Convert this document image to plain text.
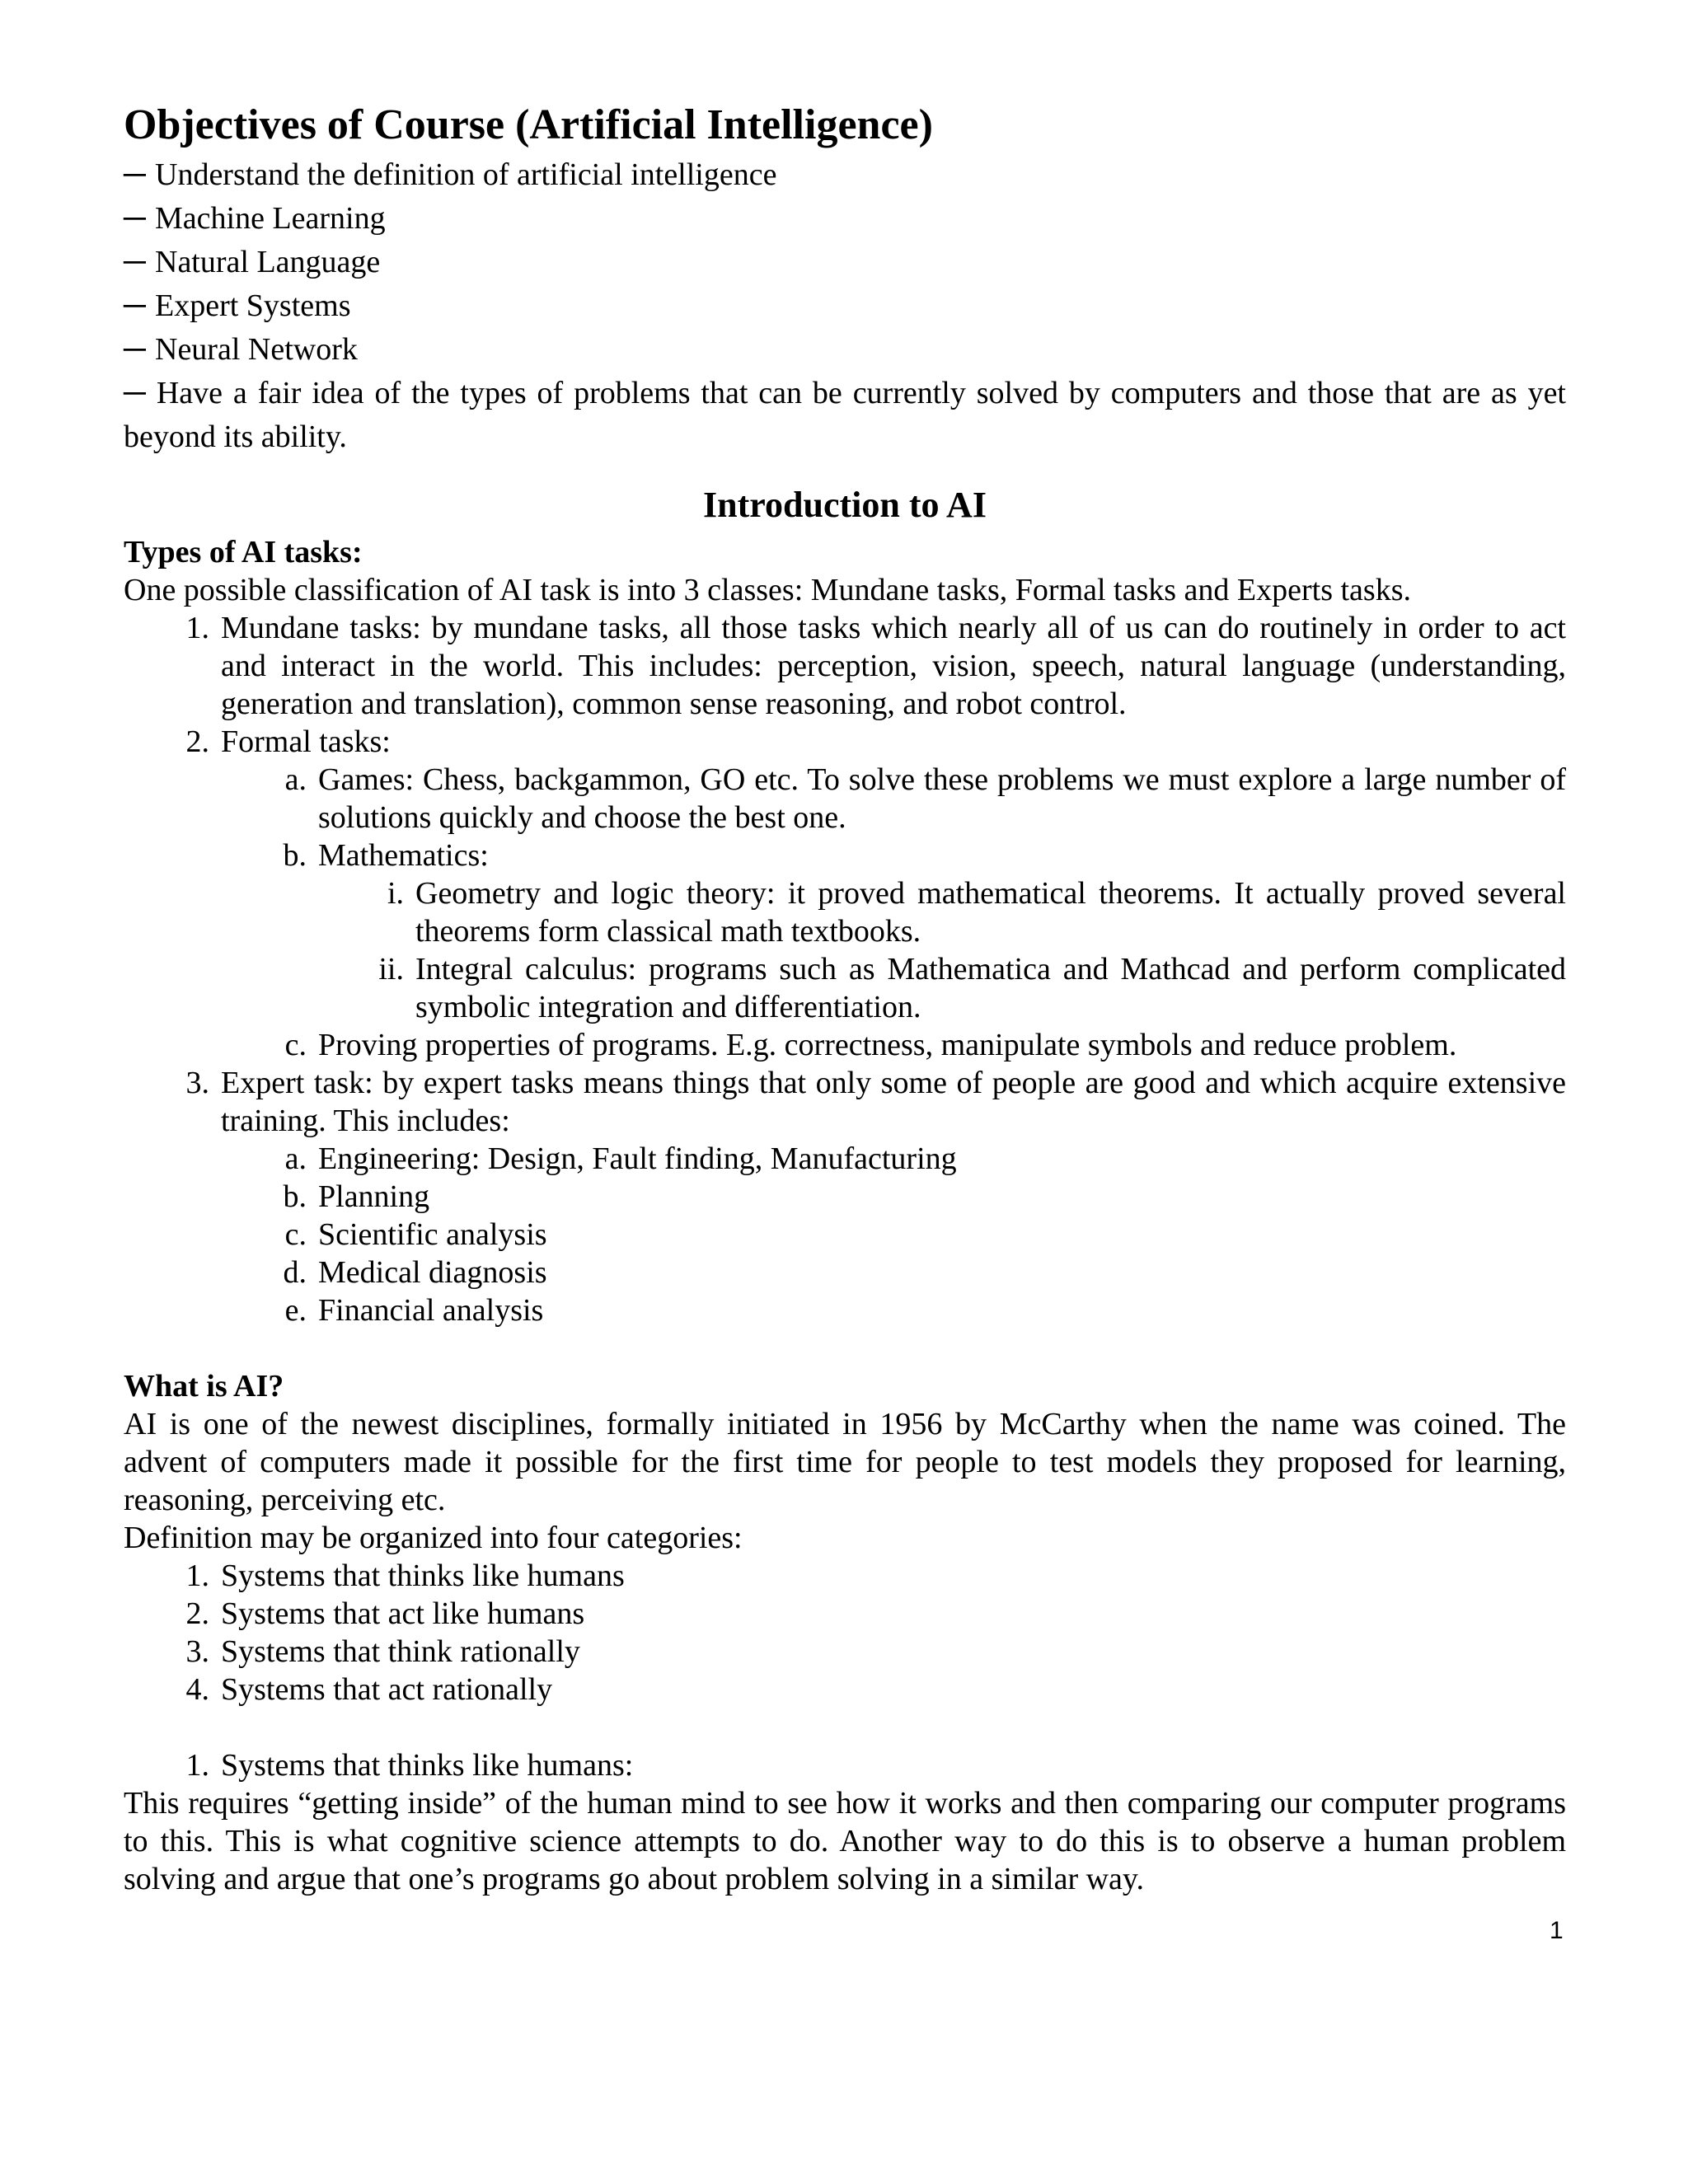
Objectives of Course (Artificial Intelligence)
─ Understand the definition of artificial intelligence
─ Machine Learning
─ Natural Language
─ Expert Systems
─ Neural Network
─ Have a fair idea of the types of problems that can be currently solved by computers and those that are as yet
beyond its ability.
Introduction to AI
Types of AI tasks:

One possible classification of AI task is into 3 classes: Mundane tasks, Formal tasks and Experts tasks.

1. Mundane tasks: by mundane tasks, all those tasks which nearly all of us can do routinely in order to act and interact in the world. This includes: perception, vision, speech, natural language (understanding, generation and translation), common sense reasoning, and robot control.
2. Formal tasks:
a. Games: Chess, backgammon, GO etc. To solve these problems we must explore a large number of solutions quickly and choose the best one.
b. Mathematics:
i. Geometry and logic theory: it proved mathematical theorems. It actually proved several theorems form classical math textbooks.
ii. Integral calculus: programs such as Mathematica and Mathcad and perform complicated symbolic integration and differentiation.
c. Proving properties of programs. E.g. correctness, manipulate symbols and reduce problem.
3. Expert task: by expert tasks means things that only some of people are good and which acquire extensive training. This includes:
a. Engineering: Design, Fault finding, Manufacturing
b. Planning
c. Scientific analysis
d. Medical diagnosis
e. Financial analysis
What is AI?

AI is one of the newest disciplines, formally initiated in 1956 by McCarthy when the name was coined. The advent of computers made it possible for the first time for people to test models they proposed for learning, reasoning, perceiving etc.

Definition may be organized into four categories:

1. Systems that thinks like humans
2. Systems that act like humans
3. Systems that think rationally
4. Systems that act rationally
1. Systems that thinks like humans:

This requires “getting inside” of the human mind to see how it works and then comparing our computer programs to this. This is what cognitive science attempts to do. Another way to do this is to observe a human problem solving and argue that one’s programs go about problem solving in a similar way.

1
